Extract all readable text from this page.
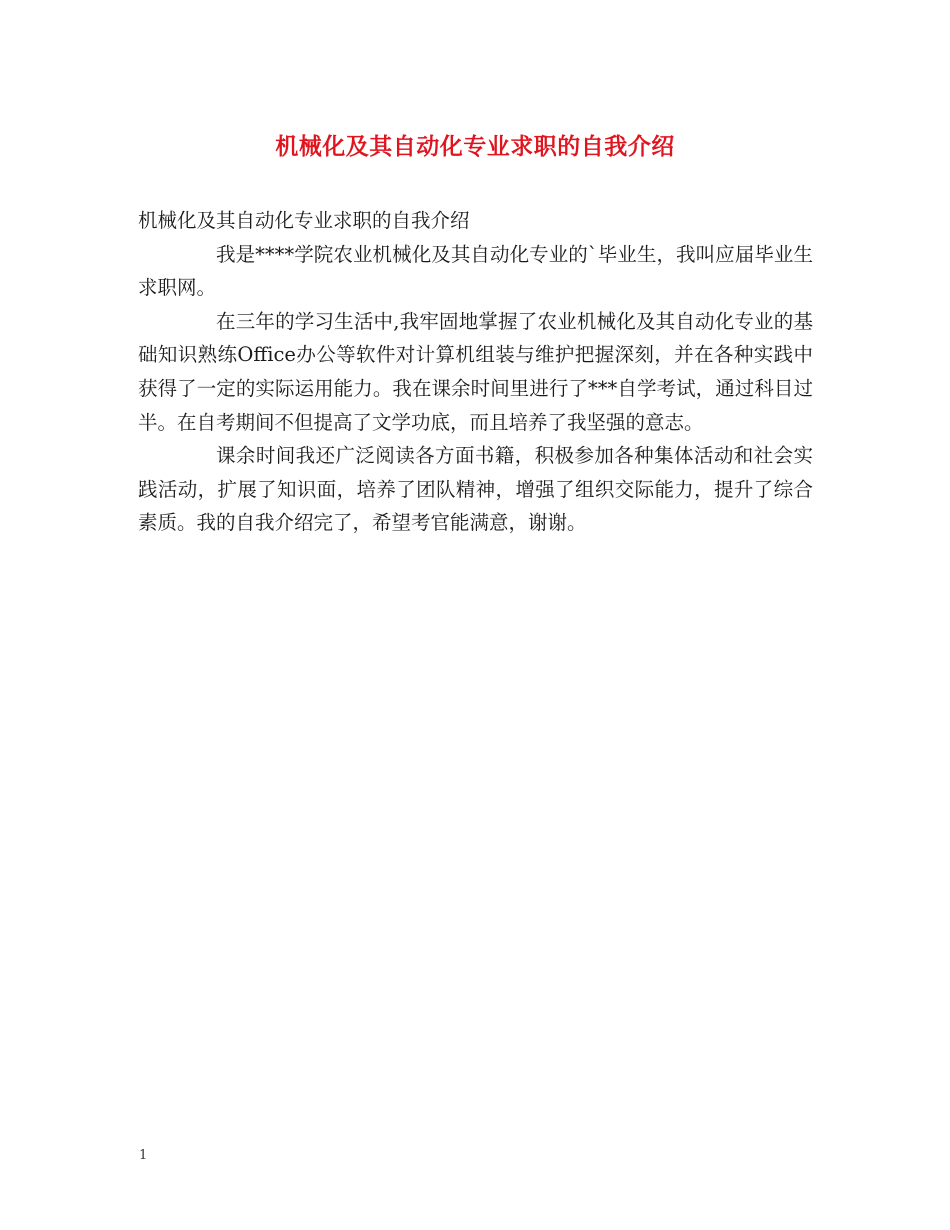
机械化及其自动化专业求职的自我介绍

机械化及其自动化专业求职的自我介绍

我是****学院农业机械化及其自动化专业的`毕业生，我叫应届毕业生求职网。

在三年的学习生活中,我牢固地掌握了农业机械化及其自动化专业的基础知识熟练Office办公等软件对计算机组装与维护把握深刻，并在各种实践中获得了一定的实际运用能力。我在课余时间里进行了***自学考试，通过科目过半。在自考期间不但提高了文学功底，而且培养了我坚强的意志。

课余时间我还广泛阅读各方面书籍，积极参加各种集体活动和社会实践活动，扩展了知识面，培养了团队精神，增强了组织交际能力，提升了综合素质。我的自我介绍完了，希望考官能满意，谢谢。

1
